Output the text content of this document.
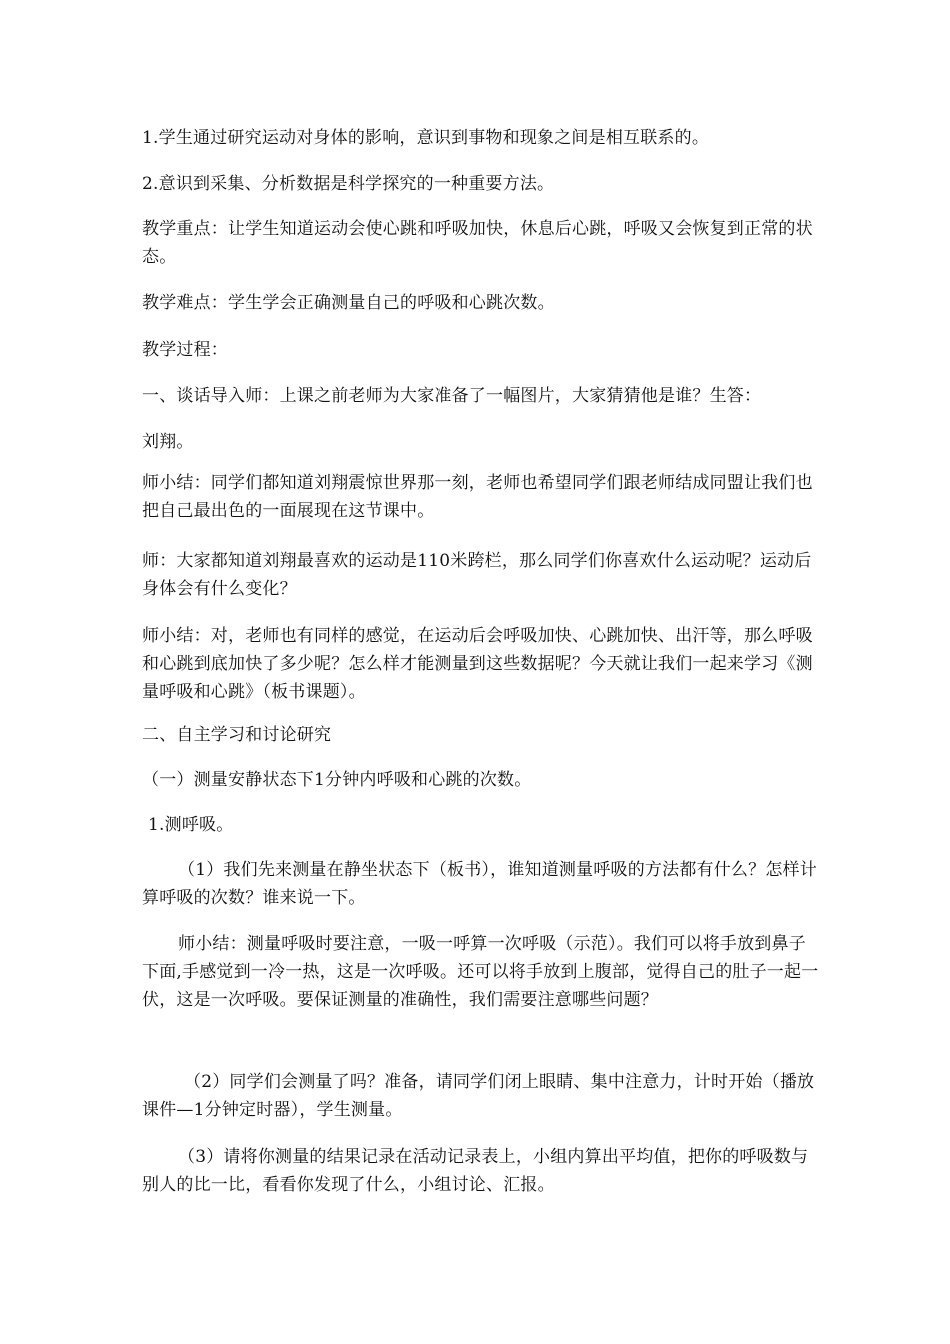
1.学生通过研究运动对身体的影响，意识到事物和现象之间是相互联系的。
2.意识到采集、分析数据是科学探究的一种重要方法。
教学重点：让学生知道运动会使心跳和呼吸加快，休息后心跳，呼吸又会恢复到正常的状态。
教学难点：学生学会正确测量自己的呼吸和心跳次数。
教学过程：
一、谈话导入师：上课之前老师为大家准备了一幅图片，大家猜猜他是谁？生答：
刘翔。
师小结：同学们都知道刘翔震惊世界那一刻，老师也希望同学们跟老师结成同盟让我们也把自己最出色的一面展现在这节课中。
师：大家都知道刘翔最喜欢的运动是110米跨栏，那么同学们你喜欢什么运动呢？运动后身体会有什么变化？
师小结：对，老师也有同样的感觉，在运动后会呼吸加快、心跳加快、出汗等，那么呼吸和心跳到底加快了多少呢？怎么样才能测量到这些数据呢？今天就让我们一起来学习《测量呼吸和心跳》（板书课题）。
二、自主学习和讨论研究
（一）测量安静状态下1分钟内呼吸和心跳的次数。
1.测呼吸。
（1）我们先来测量在静坐状态下（板书），谁知道测量呼吸的方法都有什么？怎样计算呼吸的次数？谁来说一下。
师小结：测量呼吸时要注意，一吸一呼算一次呼吸（示范）。我们可以将手放到鼻子下面,手感觉到一冷一热，这是一次呼吸。还可以将手放到上腹部，觉得自己的肚子一起一伏，这是一次呼吸。要保证测量的准确性，我们需要注意哪些问题？
（2）同学们会测量了吗？准备，请同学们闭上眼睛、集中注意力，计时开始（播放课件—1分钟定时器），学生测量。
（3）请将你测量的结果记录在活动记录表上，小组内算出平均值，把你的呼吸数与别人的比一比，看看你发现了什么，小组讨论、汇报。
